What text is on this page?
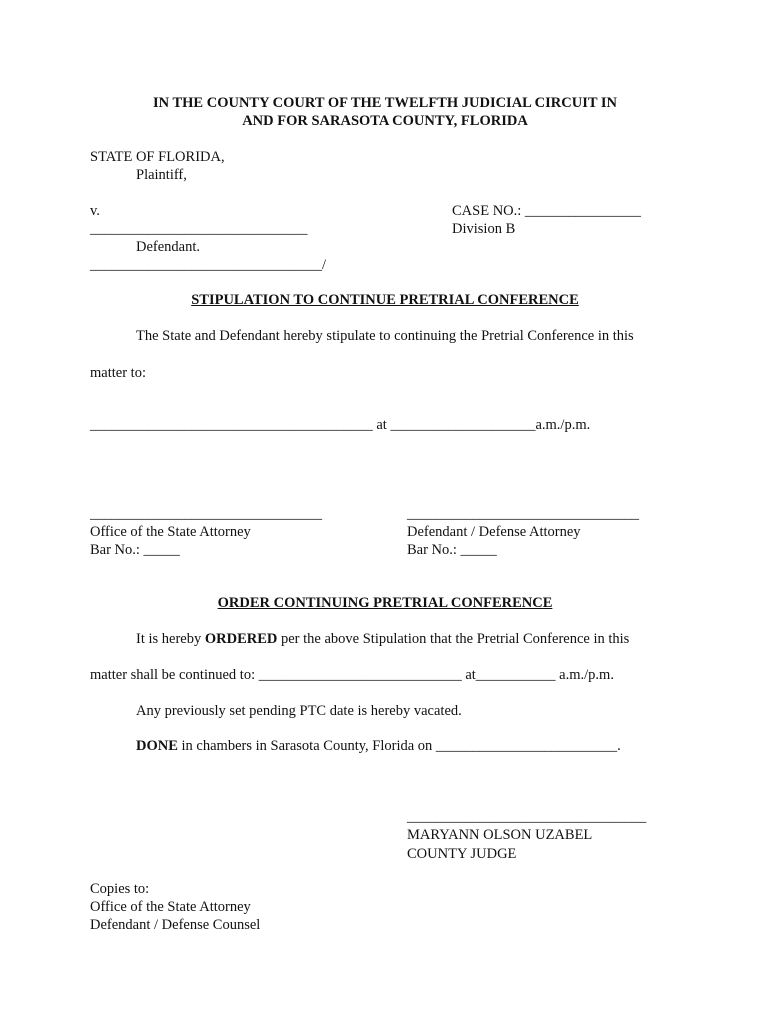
IN THE COUNTY COURT OF THE TWELFTH JUDICIAL CIRCUIT IN
AND FOR SARASOTA COUNTY, FLORIDA
STATE OF FLORIDA,
Plaintiff,
v.
______________________________
Defendant.
________________________________/
CASE NO.: ________________
Division B
STIPULATION TO CONTINUE PRETRIAL CONFERENCE
The State and Defendant hereby stipulate to continuing the Pretrial Conference in this
matter to:
_______________________________________ at ____________________a.m./p.m.
________________________________
Office of the State Attorney
Bar No.: _____
________________________________
Defendant / Defense Attorney
Bar No.: _____
ORDER CONTINUING PRETRIAL CONFERENCE
It is hereby ORDERED per the above Stipulation that the Pretrial Conference in this
matter shall be continued to: ____________________________ at___________ a.m./p.m.
Any previously set pending PTC date is hereby vacated.
DONE in chambers in Sarasota County, Florida on _________________________.
_________________________________
MARYANN OLSON UZABEL
COUNTY JUDGE
Copies to:
Office of the State Attorney
Defendant / Defense Counsel
